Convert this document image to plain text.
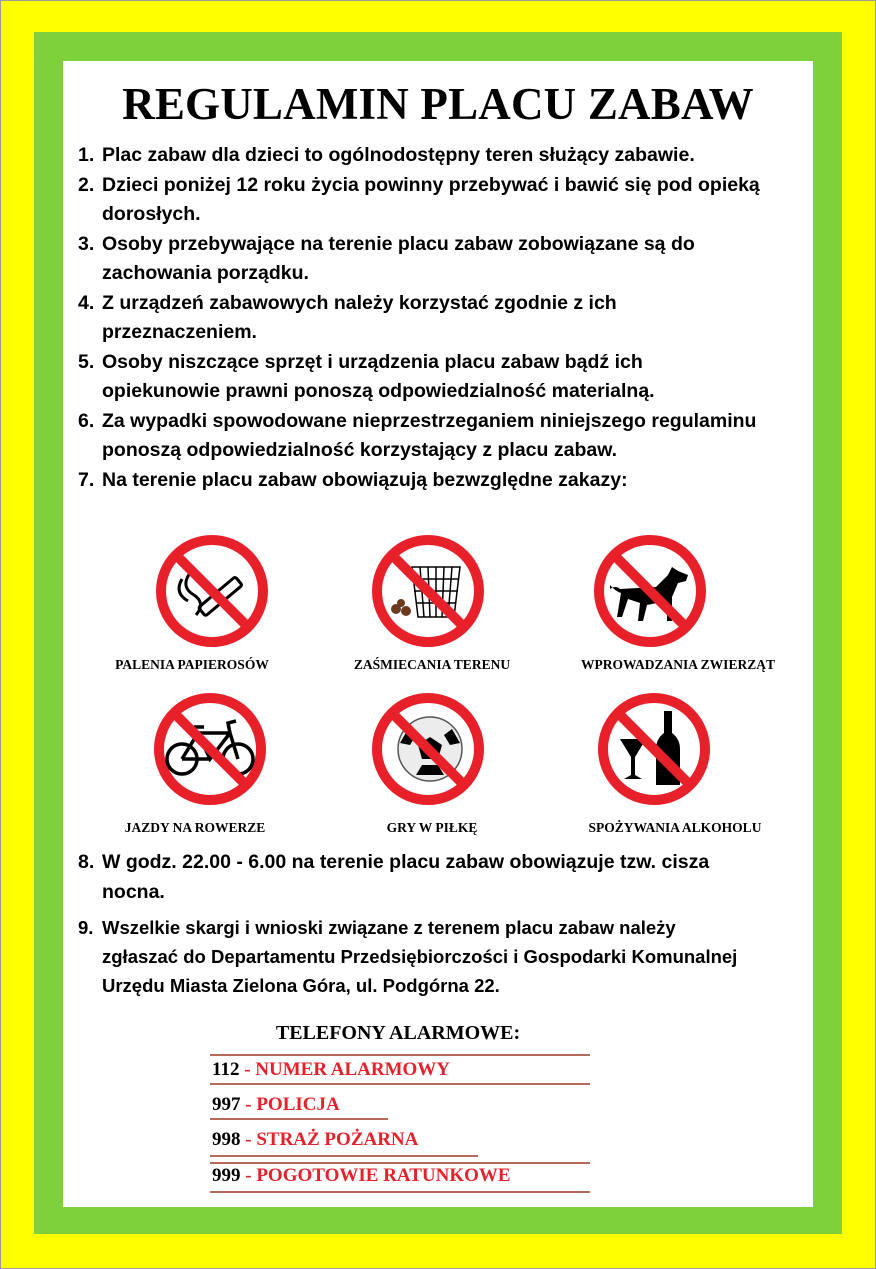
REGULAMIN PLACU ZABAW
1. Plac zabaw dla dzieci to ogólnodostępny teren służący zabawie.
2. Dzieci poniżej 12 roku życia powinny przebywać i bawić się pod opieką dorosłych.
3. Osoby przebywające na terenie placu zabaw zobowiązane są do zachowania porządku.
4. Z urządzeń zabawowych należy korzystać zgodnie z ich przeznaczeniem.
5. Osoby niszczące sprzęt i urządzenia placu zabaw bądź ich opiekunowie prawni ponoszą odpowiedzialność materialną.
6. Za wypadki spowodowane nieprzestrzeganiem niniejszego regulaminu ponoszą odpowiedzialność korzystający z placu zabaw.
7. Na terenie placu zabaw obowiązują bezwzględne zakazy:
PALENIA PAPIEROSÓW	ZAŚMIECANIA TERENU	WPROWADZANIA ZWIERZĄT
JAZDY NA ROWERZE	GRY W PIŁKĘ	SPOŻYWANIA ALKOHOLU
8. W godz. 22.00 - 6.00 na terenie placu zabaw obowiązuje tzw. cisza nocna.
9. Wszelkie skargi i wnioski związane z terenem placu zabaw należy
zgłaszać do Departamentu Przedsiębiorczości i Gospodarki Komunalnej
Urzędu Miasta Zielona Góra, ul. Podgórna 22.
TELEFONY ALARMOWE:
112 - NUMER ALARMOWY
997 - POLICJA
998 - STRAŻ POŻARNA
999 - POGOTOWIE RATUNKOWE
